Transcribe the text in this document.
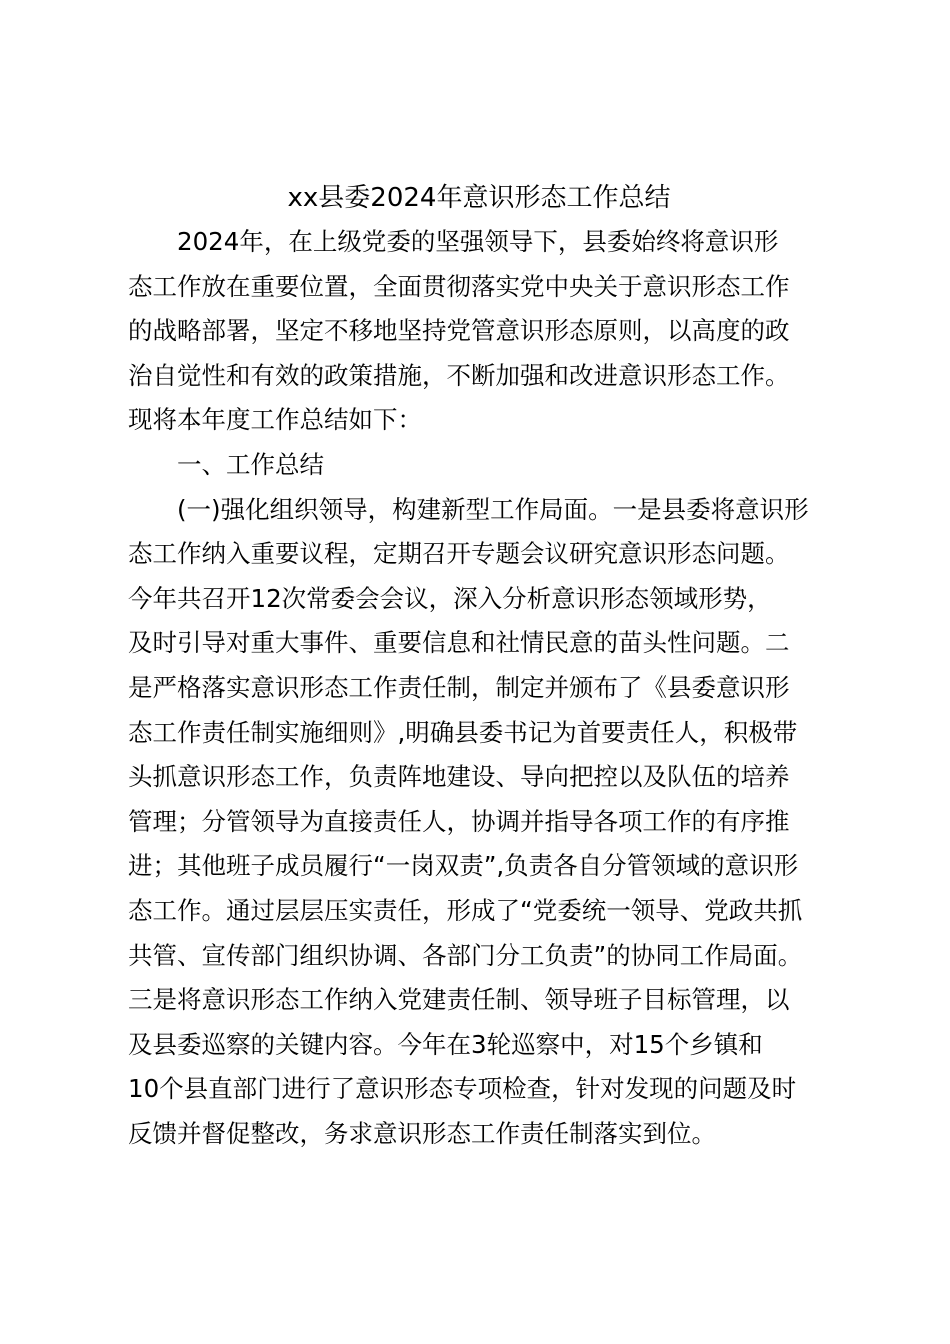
xx县委2024年意识形态工作总结

2024年，在上级党委的坚强领导下，县委始终将意识形

态工作放在重要位置，全面贯彻落实党中央关于意识形态工作

的战略部署，坚定不移地坚持党管意识形态原则，以高度的政

治自觉性和有效的政策措施，不断加强和改进意识形态工作。

现将本年度工作总结如下：

一、工作总结

(一)强化组织领导，构建新型工作局面。一是县委将意识形

态工作纳入重要议程，定期召开专题会议研究意识形态问题。

今年共召开12次常委会会议，深入分析意识形态领域形势，

及时引导对重大事件、重要信息和社情民意的苗头性问题。二

是严格落实意识形态工作责任制，制定并颁布了《县委意识形

态工作责任制实施细则》,明确县委书记为首要责任人，积极带

头抓意识形态工作，负责阵地建设、导向把控以及队伍的培养

管理；分管领导为直接责任人，协调并指导各项工作的有序推

进；其他班子成员履行“一岗双责”,负责各自分管领域的意识形

态工作。通过层层压实责任，形成了“党委统一领导、党政共抓

共管、宣传部门组织协调、各部门分工负责”的协同工作局面。

三是将意识形态工作纳入党建责任制、领导班子目标管理，以

及县委巡察的关键内容。今年在3轮巡察中，对15个乡镇和

10个县直部门进行了意识形态专项检查，针对发现的问题及时

反馈并督促整改，务求意识形态工作责任制落实到位。
